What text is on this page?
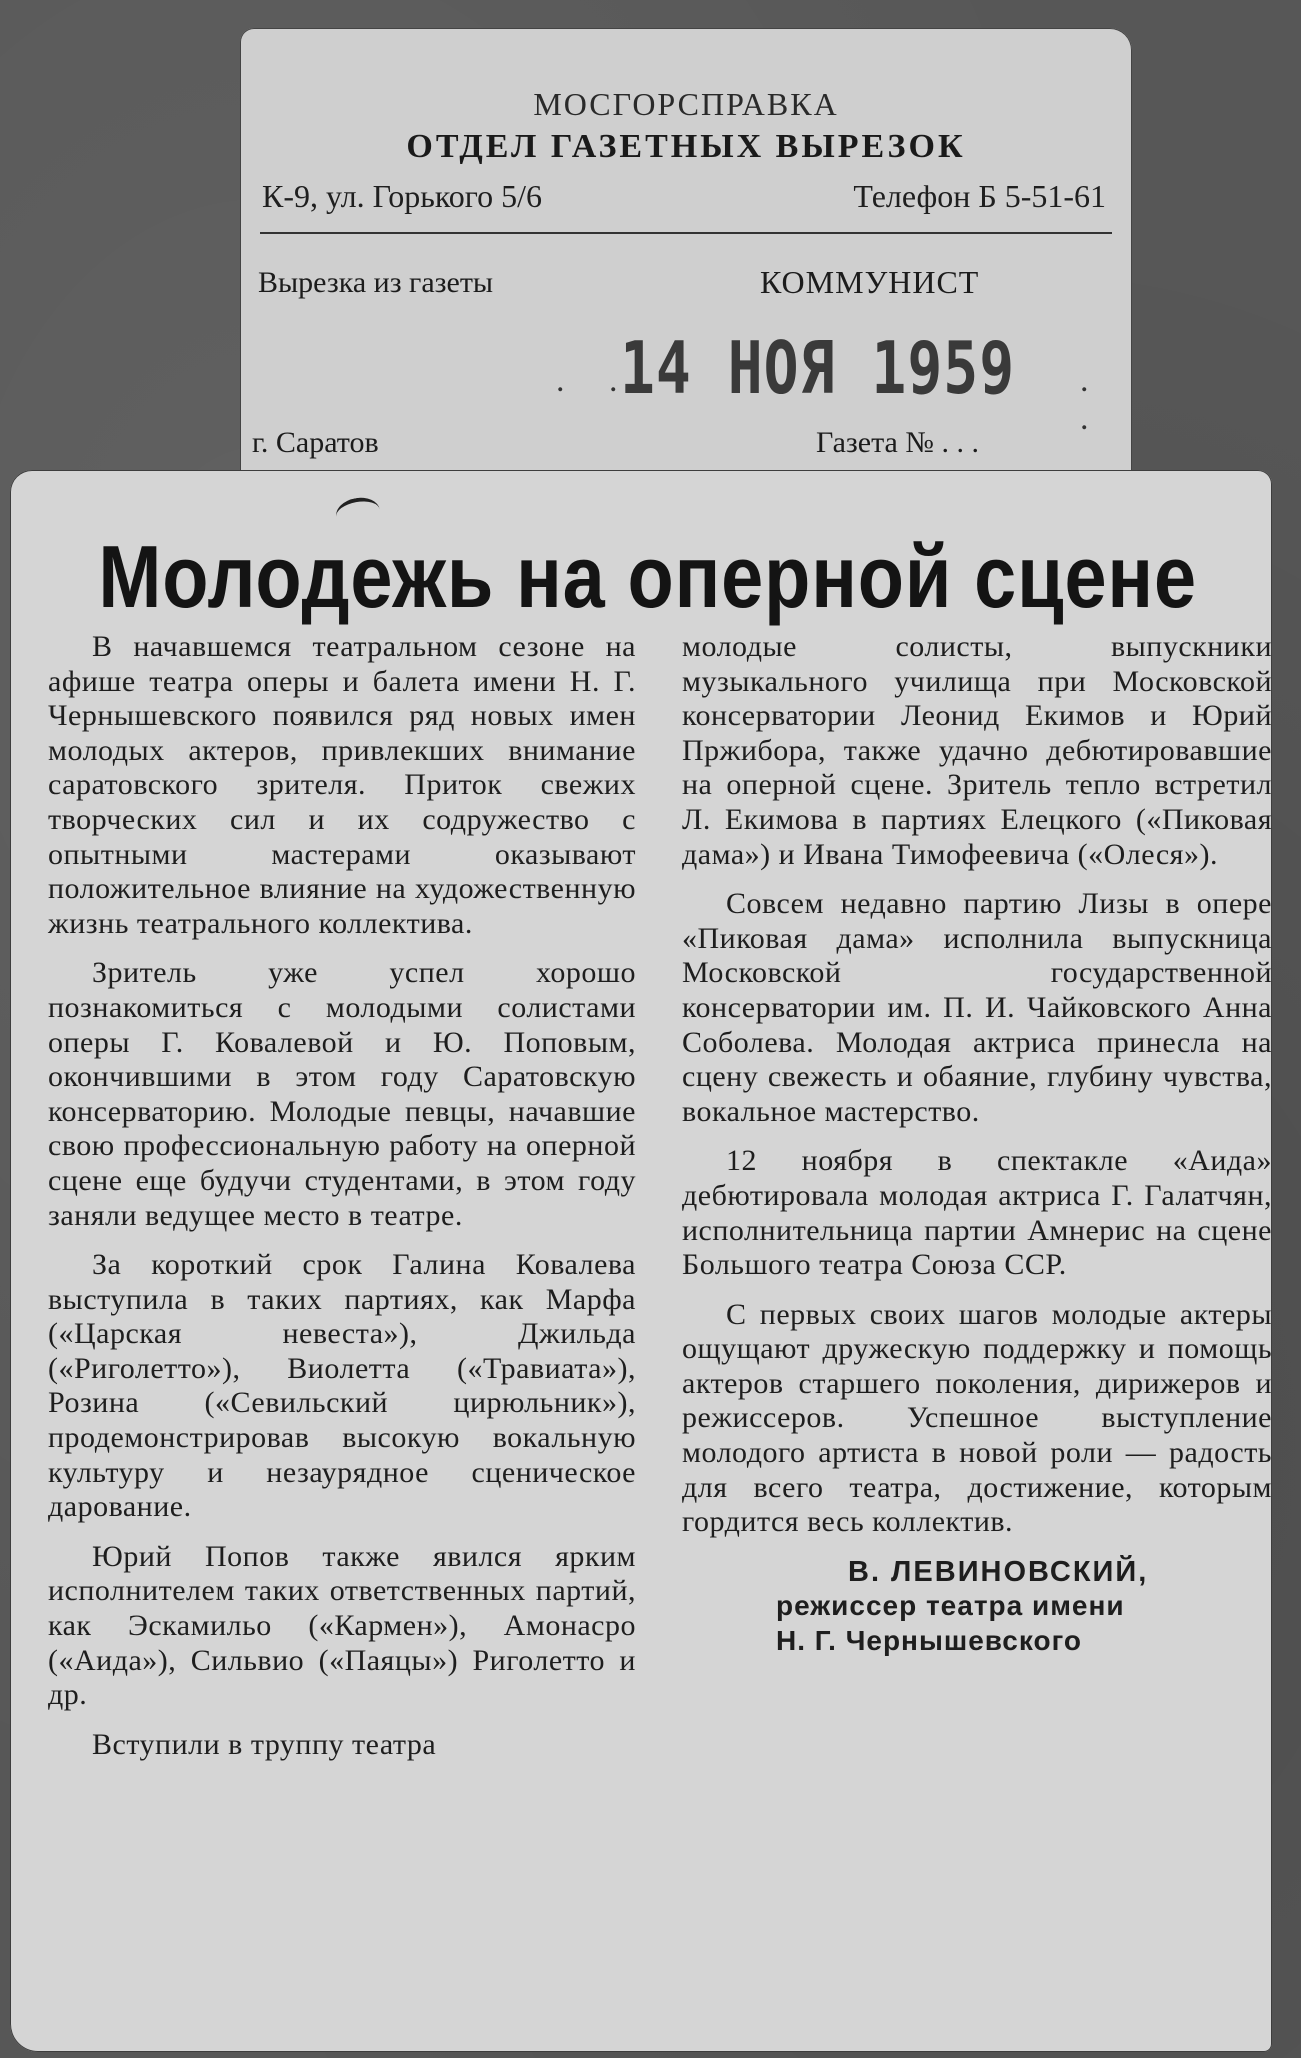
МОСГОРСПРАВКА
ОТДЕЛ ГАЗЕТНЫХ ВЫРЕЗОК
К-9, ул. Горького 5/6	Телефон Б 5-51-61
Вырезка из газеты	КОММУНИСТ
. .
14 НОЯ 1959 . .
г. Саратов	Газета № . . .
Молодежь на оперной сцене

В начавшемся театральном сезоне на афише театра оперы и балета имени Н. Г. Чернышевского появился ряд новых имен молодых актеров, привлекших внимание саратовского зрителя. Приток свежих творческих сил и их содружество с опытными мастерами оказывают положительное влияние на художественную жизнь театрального коллектива.

Зритель уже успел хорошо познакомиться с молодыми солистами оперы Г. Ковалевой и Ю. Поповым, окончившими в этом году Саратовскую консерваторию. Молодые певцы, начавшие свою профессиональную работу на оперной сцене еще будучи студентами, в этом году заняли ведущее место в театре.

За короткий срок Галина Ковалева выступила в таких партиях, как Марфа («Царская невеста»), Джильда («Риголетто»), Виолетта («Травиата»), Розина («Севильский цирюльник»), продемонстрировав высокую вокальную культуру и незаурядное сценическое дарование.

Юрий Попов также явился ярким исполнителем таких ответственных партий, как Эскамильо («Кармен»), Амонасро («Аида»), Сильвио («Паяцы») Риголетто и др.

Вступили в труппу театра

молодые солисты, выпускники музыкального училища при Московской консерватории Леонид Екимов и Юрий Пржибора, также удачно дебютировавшие на оперной сцене. Зритель тепло встретил Л. Екимова в партиях Елецкого («Пиковая дама») и Ивана Тимофеевича («Олеся»).

Совсем недавно партию Лизы в опере «Пиковая дама» исполнила выпускница Московской государственной консерватории им. П. И. Чайковского Анна Соболева. Молодая актриса принесла на сцену свежесть и обаяние, глубину чувства, вокальное мастерство.

12 ноября в спектакле «Аида» дебютировала молодая актриса Г. Галатчян, исполнительница партии Амнерис на сцене Большого театра Союза ССР.

С первых своих шагов молодые актеры ощущают дружескую поддержку и помощь актеров старшего поколения, дирижеров и режиссеров. Успешное выступление молодого артиста в новой роли — радость для всего театра, достижение, которым гордится весь коллектив.

В. ЛЕВИНОВСКИЙ,
режиссер театра имени
Н. Г. Чернышевского
